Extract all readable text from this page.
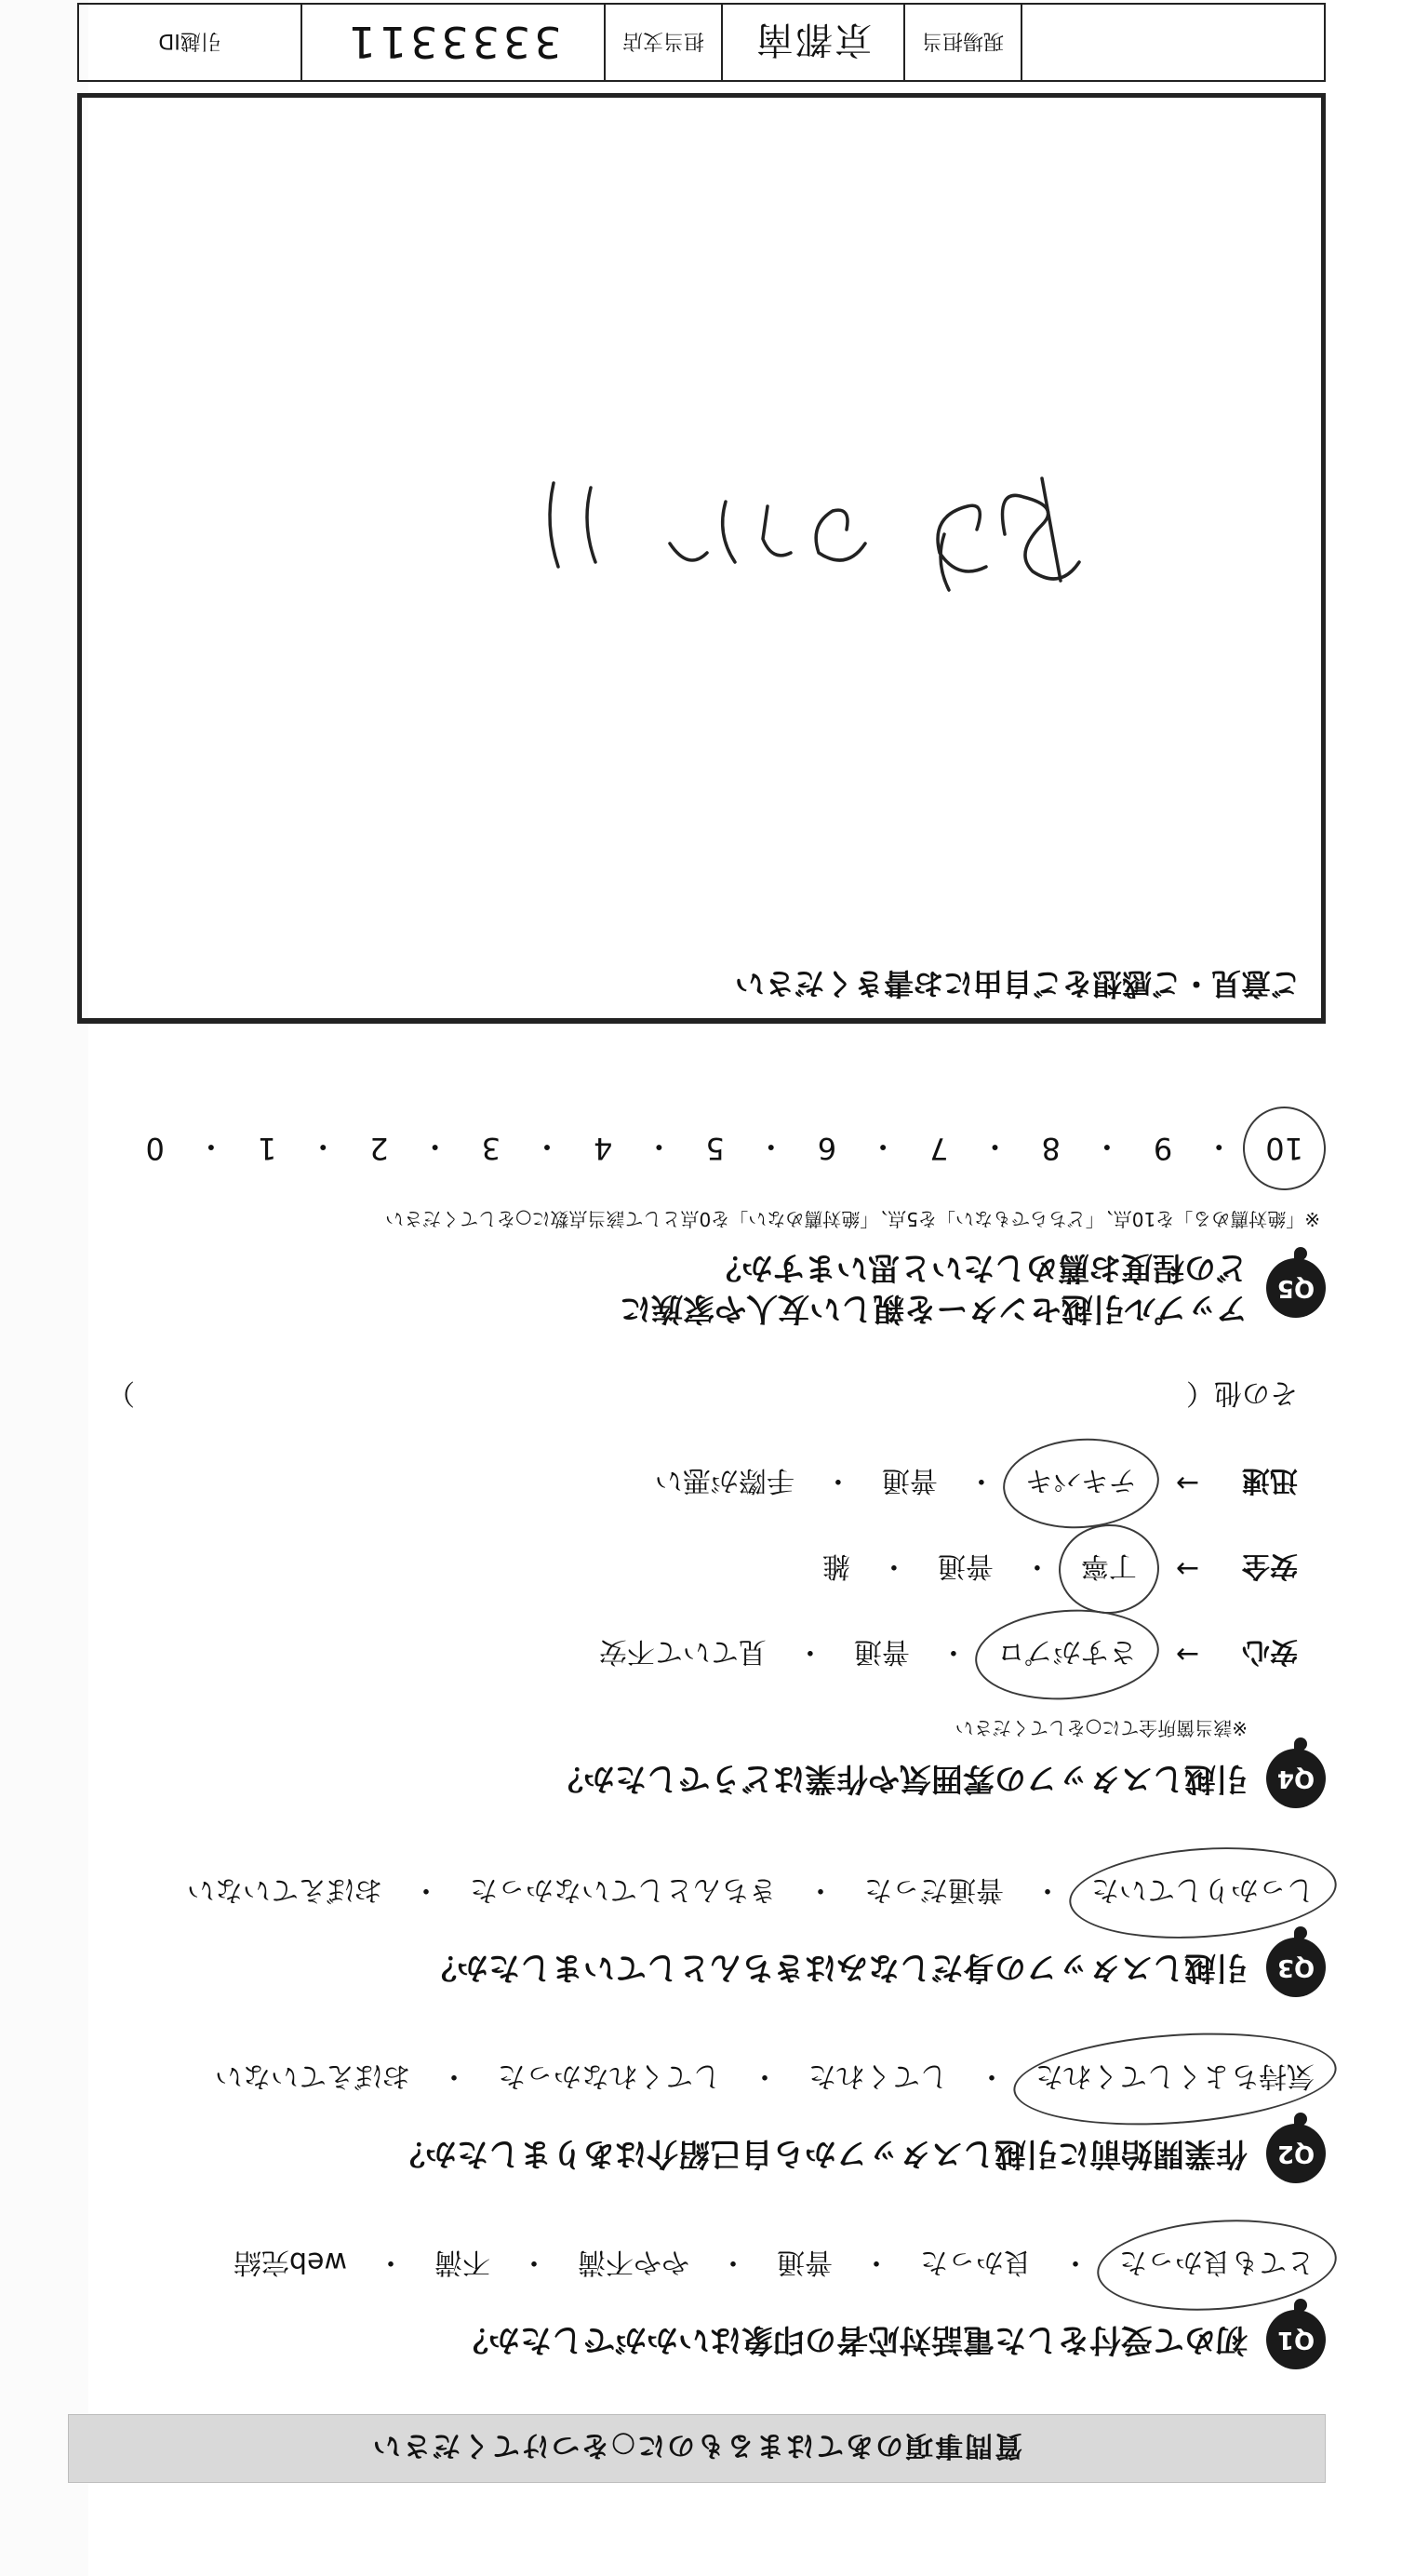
質問事項のあてはまるものに○をつけてください
Q1
初めて受付をした電話対応者の印象はいかがでしたか？
とても良かった
・
良かった
・
普通
・
やや不満
・
不満
・
web完結
Q2
作業開始前に引越しスタッフから自己紹介はありましたか？
気持ちよくしてくれた
・
してくれた
・
してくれなかった
・
おぼえていない
Q3
引越しスタッフの身だしなみはきちんとしていましたか？
しっかりしていた
・
普通だった
・
きちんとしていなかった
・
おぼえていない
Q4
引越しスタッフの雰囲気や作業はどうでしたか？
※該当箇所全てに○をしてください
安心
→
さすがプロ
・
普通
・
見ていて不安
安全
→
丁寧
・
普通
・
雑
迅速
→
テキパキ
・
普通
・
手際が悪い
その他
（
）
Q5
アップル引越センターを親しい友人や家族に
どの程度お薦めしたいと思いますか？
※「絶対薦める」を10点、「どちらでもない」を5点、「絶対薦めない」を0点として該当点数に○をしてください
10
・
9
・
8
・
7
・
6
・
5
・
4
・
3
・
2
・
1
・
0
ご意見・ご感想をご自由にお書きください
現場担当
京都南
担当支店
3333311
引越ID
